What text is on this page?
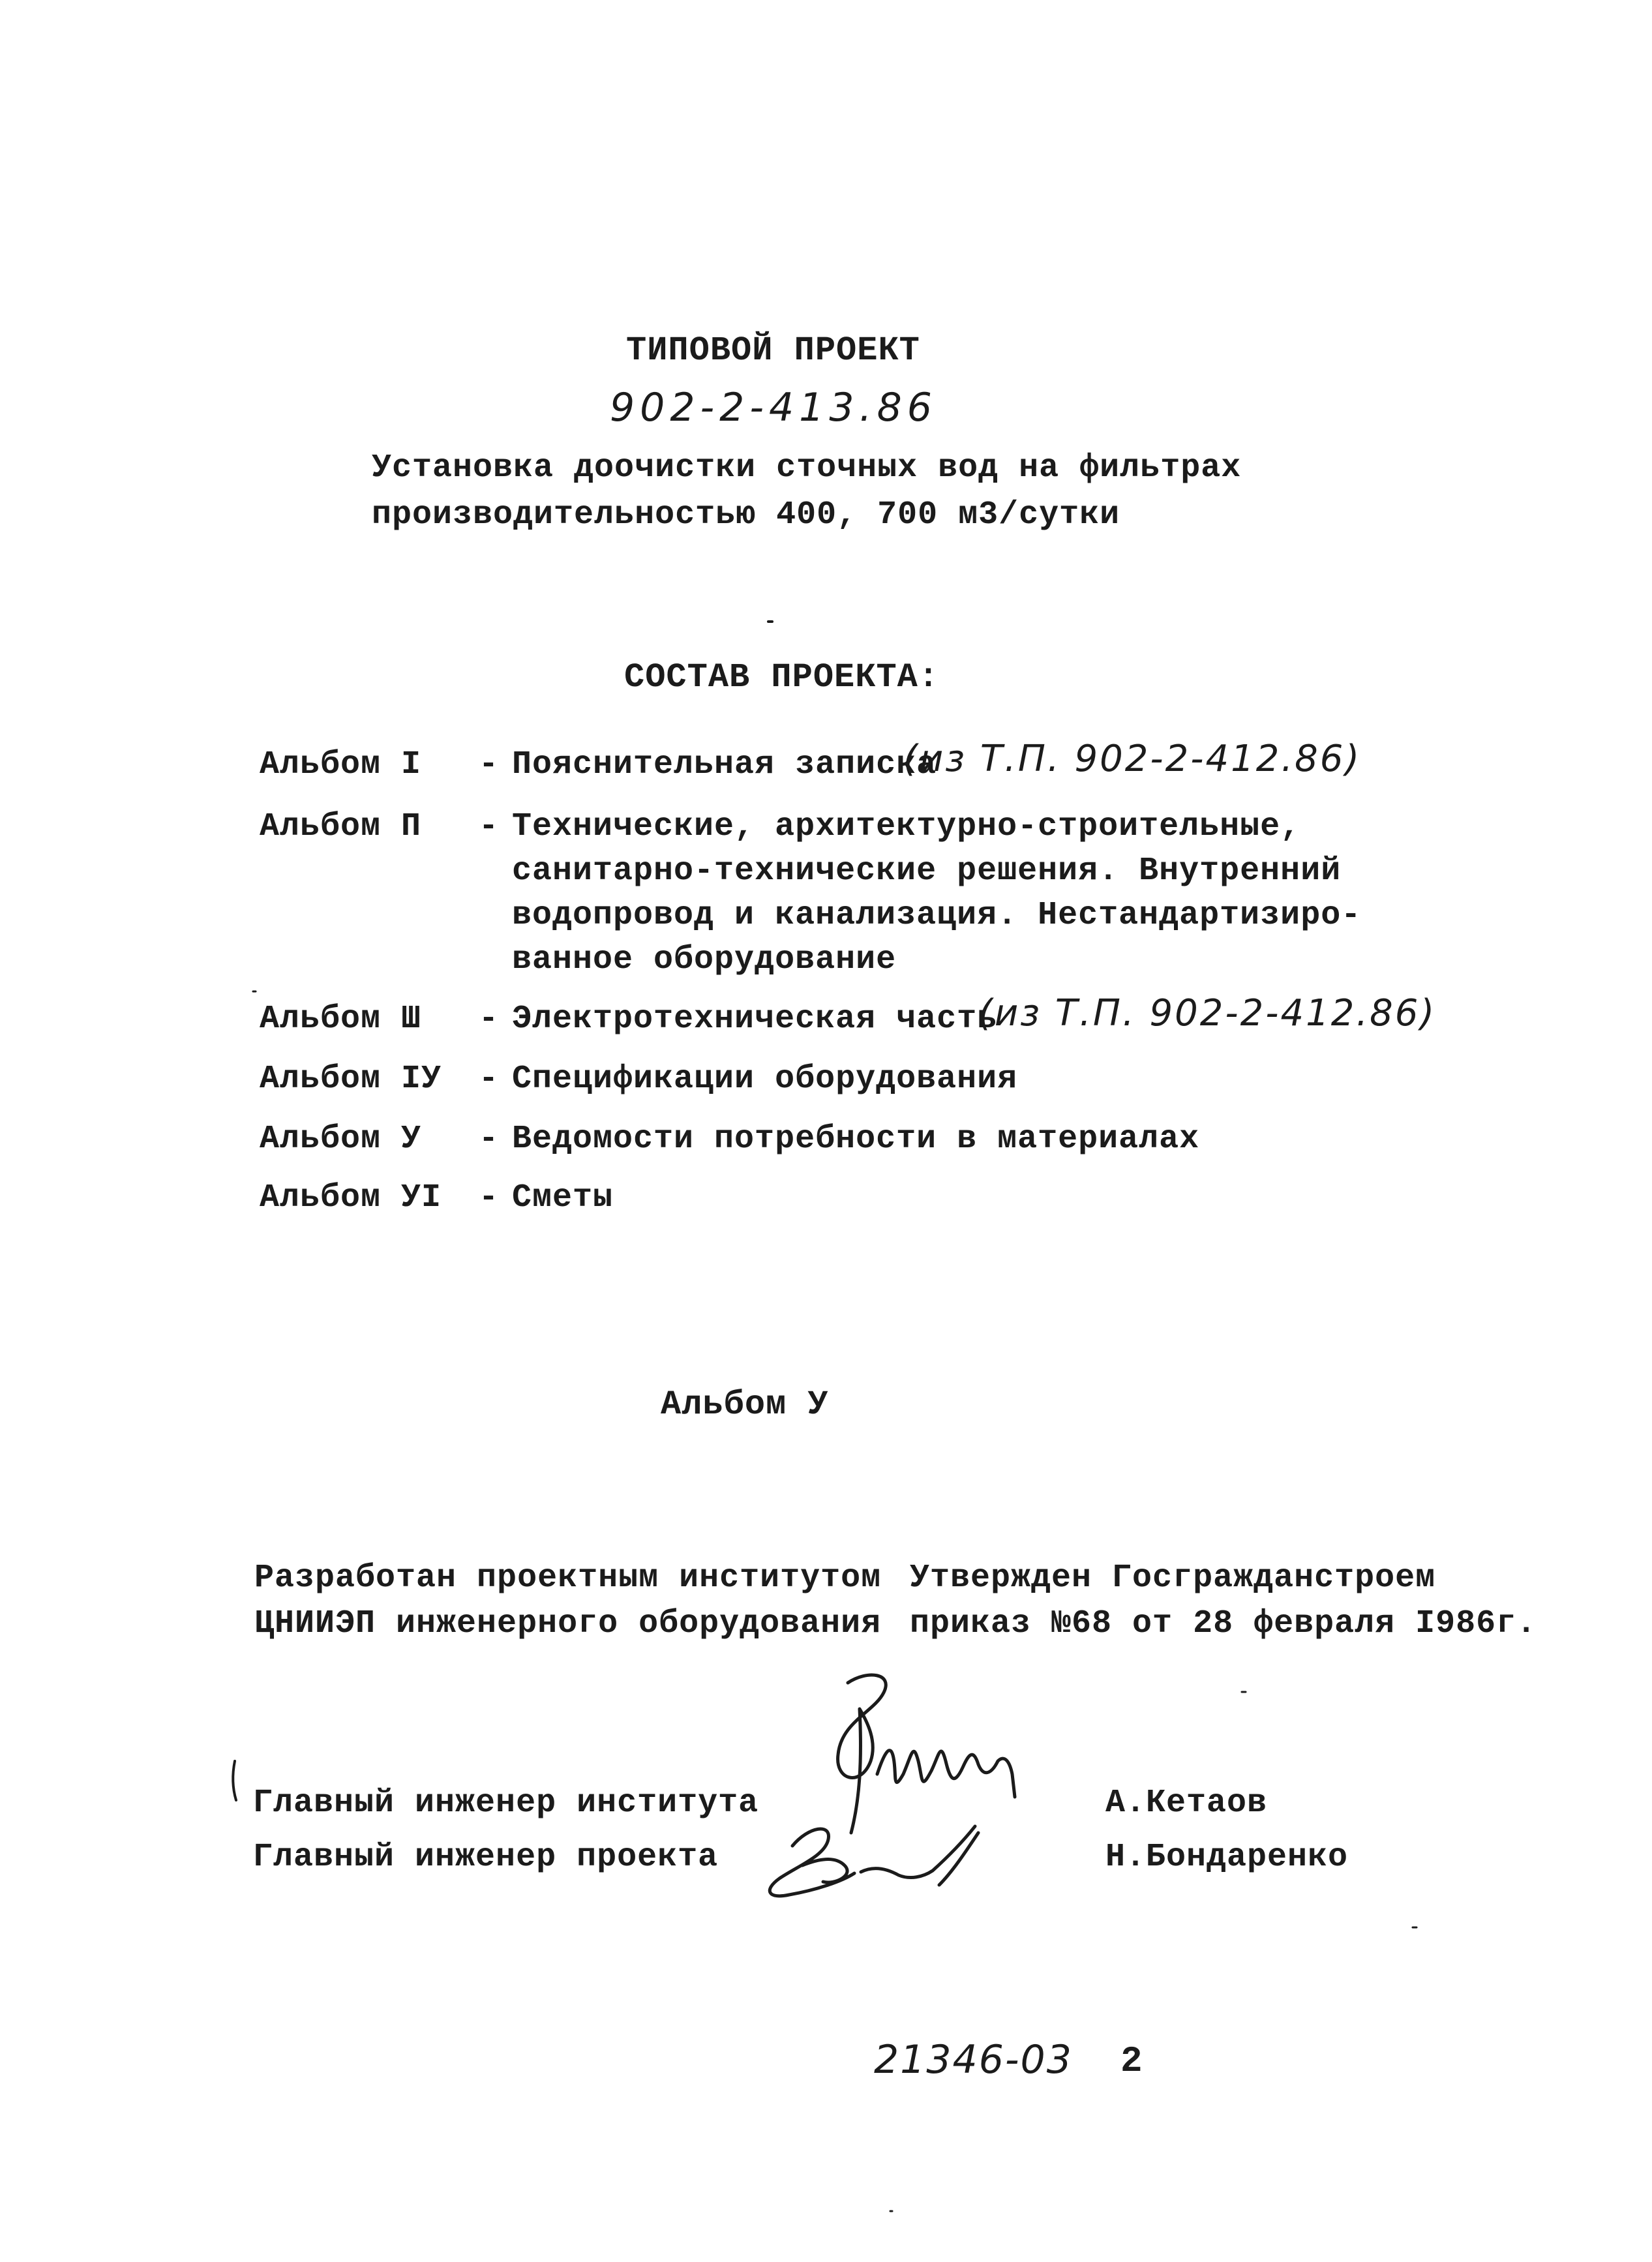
ТИПОВОЙ ПРОЕКТ
902-2-413.86
Установка доочистки сточных вод на фильтрах
производительностью 400, 700 м3/сутки
СОСТАВ ПРОЕКТА:
Альбом I - Пояснительная записка
(из Т.П. 902-2-412.86)
Альбом П - Технические, архитектурно-строительные,
санитарно-технические решения. Внутренний
водопровод и канализация. Нестандартизиро-
ванное оборудование
Альбом Ш - Электротехническая часть
(из Т.П. 902-2-412.86)
Альбом IУ - Спецификации оборудования
Альбом У - Ведомости потребности в материалах
Альбом УI - Сметы
Альбом У
Разработан проектным институтом
ЦНИИЭП инженерного оборудования
Утвержден Госгражданстроем
приказ №68 от 28 февраля I986г.
Главный инженер института	А.Кетаов
Главный инженер проекта	Н.Бондаренко
21346-03 2
